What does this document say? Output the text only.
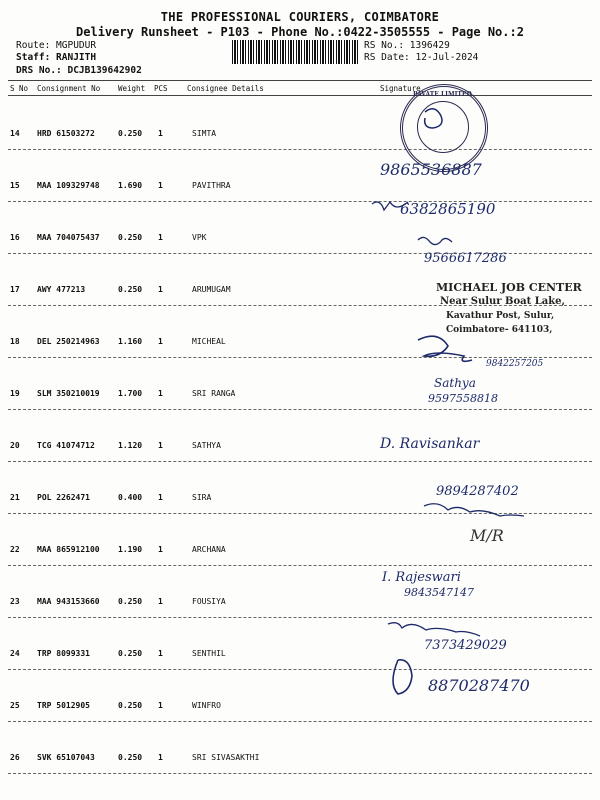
THE PROFESSIONAL COURIERS, COIMBATORE
Delivery Runsheet - P103 - Phone No.:0422-3505555 - Page No.:2
Route: MGPUDUR
Staff: RANJITH
DRS No.: DCJB139642902
RS No.: 1396429
RS Date: 12-Jul-2024
S No Consignment No Weight PCS	Consignee Details	Signature
14 HRD 61503272	0.250 1	SIMTA
15 MAA 109329748 1.690 1	PAVITHRA
16 MAA 704075437 0.250 1	VPK
17 AWY 477213	0.250 1	ARUMUGAM
18 DEL 250214963 1.160 1	MICHEAL
19 SLM 350210019 1.700 1	SRI RANGA
20 TCG 41074712	1.120 1	SATHYA
21 POL 2262471	0.400 1	SIRA
22 MAA 865912100 1.190 1	ARCHANA
23 MAA 943153660 0.250 1	FOUSIYA
24 TRP 8099331	0.250 1	SENTHIL
25 TRP 5012905	0.250 1	WINFRO
26 SVK 65107043	0.250 1	SRI SIVASAKTHI
PAVATE LIMITED
MICHAEL JOB CENTER
Near Sulur Boat Lake,
Kavathur Post, Sulur,
Coimbatore- 641103,
9865536887
6382865190
9566617286
9842257205
Sathya
9597558818
D. Ravisankar
9894287402
M/R
I. Rajeswari
9843547147
7373429029
8870287470
